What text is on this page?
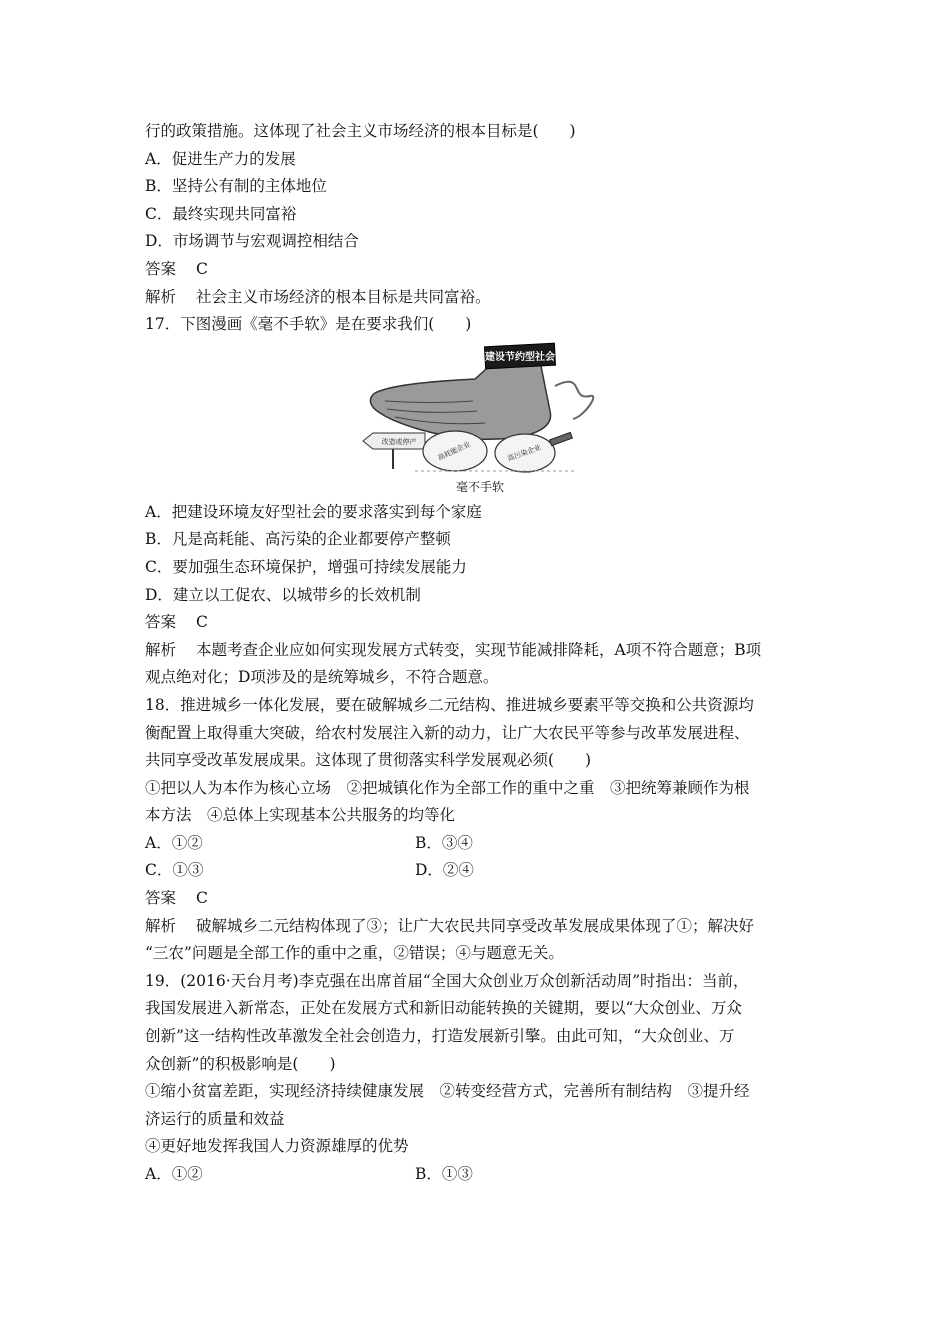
行的政策措施。这体现了社会主义市场经济的根本目标是(　　)
A．促进生产力的发展
B．坚持公有制的主体地位
C．最终实现共同富裕
D．市场调节与宏观调控相结合
答案 C
解析 社会主义市场经济的根本目标是共同富裕。
17．下图漫画《毫不手软》是在要求我们(　　)
建设节约型社会
改造或停产	高耗能企业	高污染企业
毫不手软
A．把建设环境友好型社会的要求落实到每个家庭
B．凡是高耗能、高污染的企业都要停产整顿
C．要加强生态环境保护，增强可持续发展能力
D．建立以工促农、以城带乡的长效机制
答案 C
解析 本题考查企业应如何实现发展方式转变，实现节能减排降耗，A项不符合题意；B项
观点绝对化；D项涉及的是统筹城乡，不符合题意。
18．推进城乡一体化发展，要在破解城乡二元结构、推进城乡要素平等交换和公共资源均
衡配置上取得重大突破，给农村发展注入新的动力，让广大农民平等参与改革发展进程、
共同享受改革发展成果。这体现了贯彻落实科学发展观必须(　　)
①把以人为本作为核心立场　②把城镇化作为全部工作的重中之重　③把统筹兼顾作为根
本方法　④总体上实现基本公共服务的均等化
A．①②	B．③④
C．①③	D．②④
答案 C
解析 破解城乡二元结构体现了③；让广大农民共同享受改革发展成果体现了①；解决好
“三农”问题是全部工作的重中之重，②错误；④与题意无关。
19．(2016·天台月考)李克强在出席首届“全国大众创业万众创新活动周”时指出：当前，
我国发展进入新常态，正处在发展方式和新旧动能转换的关键期，要以“大众创业、万众
创新”这一结构性改革激发全社会创造力，打造发展新引擎。由此可知，“大众创业、万
众创新”的积极影响是(　　)
①缩小贫富差距，实现经济持续健康发展　②转变经营方式，完善所有制结构　③提升经
济运行的质量和效益
④更好地发挥我国人力资源雄厚的优势
A．①②	B．①③
